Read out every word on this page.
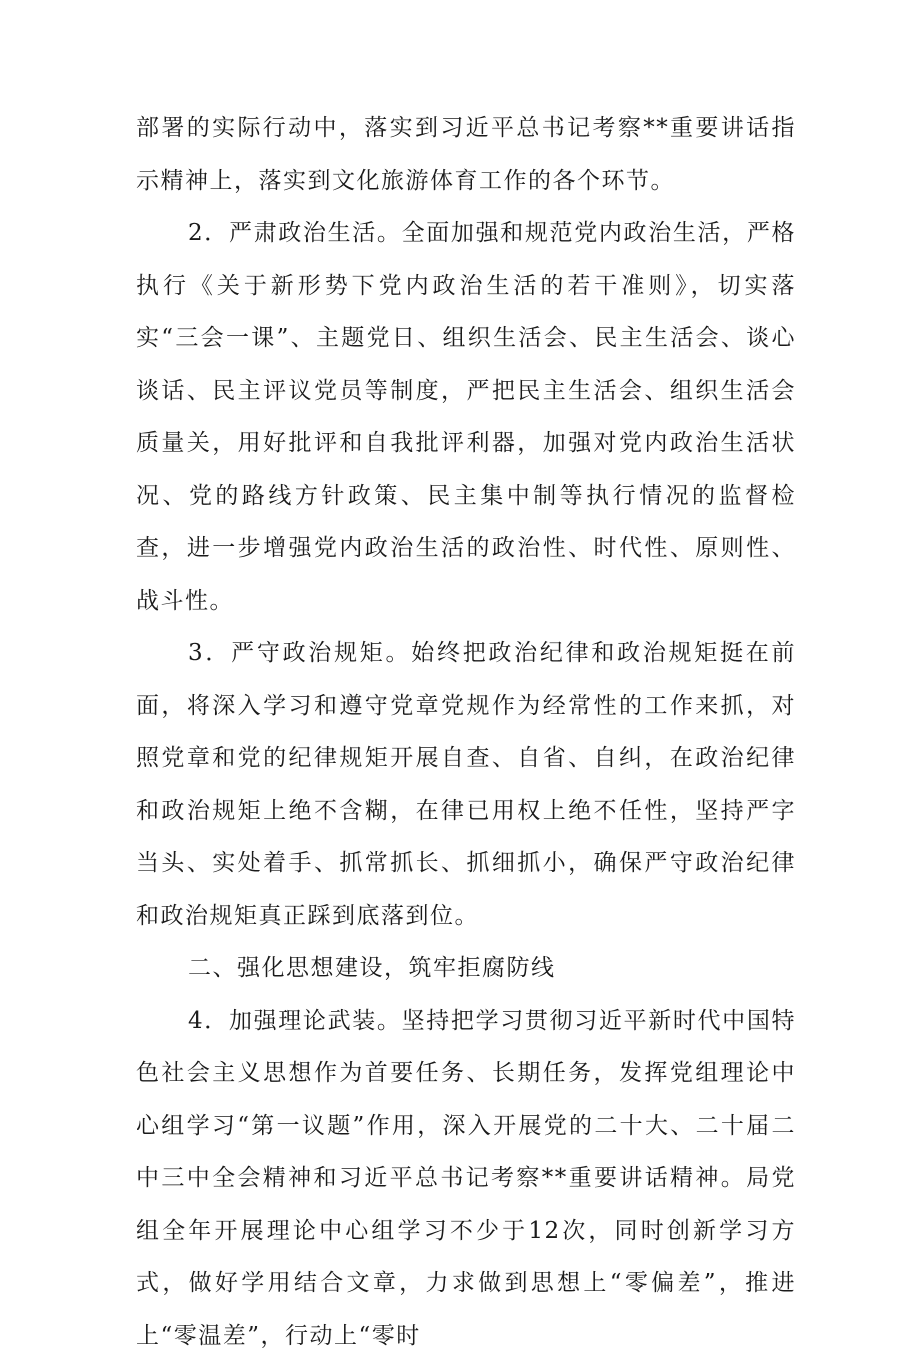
部署的实际行动中，落实到习近平总书记考察**重要讲话指示精神上，落实到文化旅游体育工作的各个环节。

2．严肃政治生活。全面加强和规范党内政治生活，严格执行《关于新形势下党内政治生活的若干准则》，切实落实“三会一课”、主题党日、组织生活会、民主生活会、谈心谈话、民主评议党员等制度，严把民主生活会、组织生活会质量关，用好批评和自我批评利器，加强对党内政治生活状况、党的路线方针政策、民主集中制等执行情况的监督检查，进一步增强党内政治生活的政治性、时代性、原则性、战斗性。

3．严守政治规矩。始终把政治纪律和政治规矩挺在前面，将深入学习和遵守党章党规作为经常性的工作来抓，对照党章和党的纪律规矩开展自查、自省、自纠，在政治纪律和政治规矩上绝不含糊，在律已用权上绝不任性，坚持严字当头、实处着手、抓常抓长、抓细抓小，确保严守政治纪律和政治规矩真正踩到底落到位。

二、强化思想建设，筑牢拒腐防线

4．加强理论武装。坚持把学习贯彻习近平新时代中国特色社会主义思想作为首要任务、长期任务，发挥党组理论中心组学习“第一议题”作用，深入开展党的二十大、二十届二中三中全会精神和习近平总书记考察**重要讲话精神。局党组全年开展理论中心组学习不少于12次，同时创新学习方式，做好学用结合文章，力求做到思想上“零偏差”，推进上“零温差”，行动上“零时
